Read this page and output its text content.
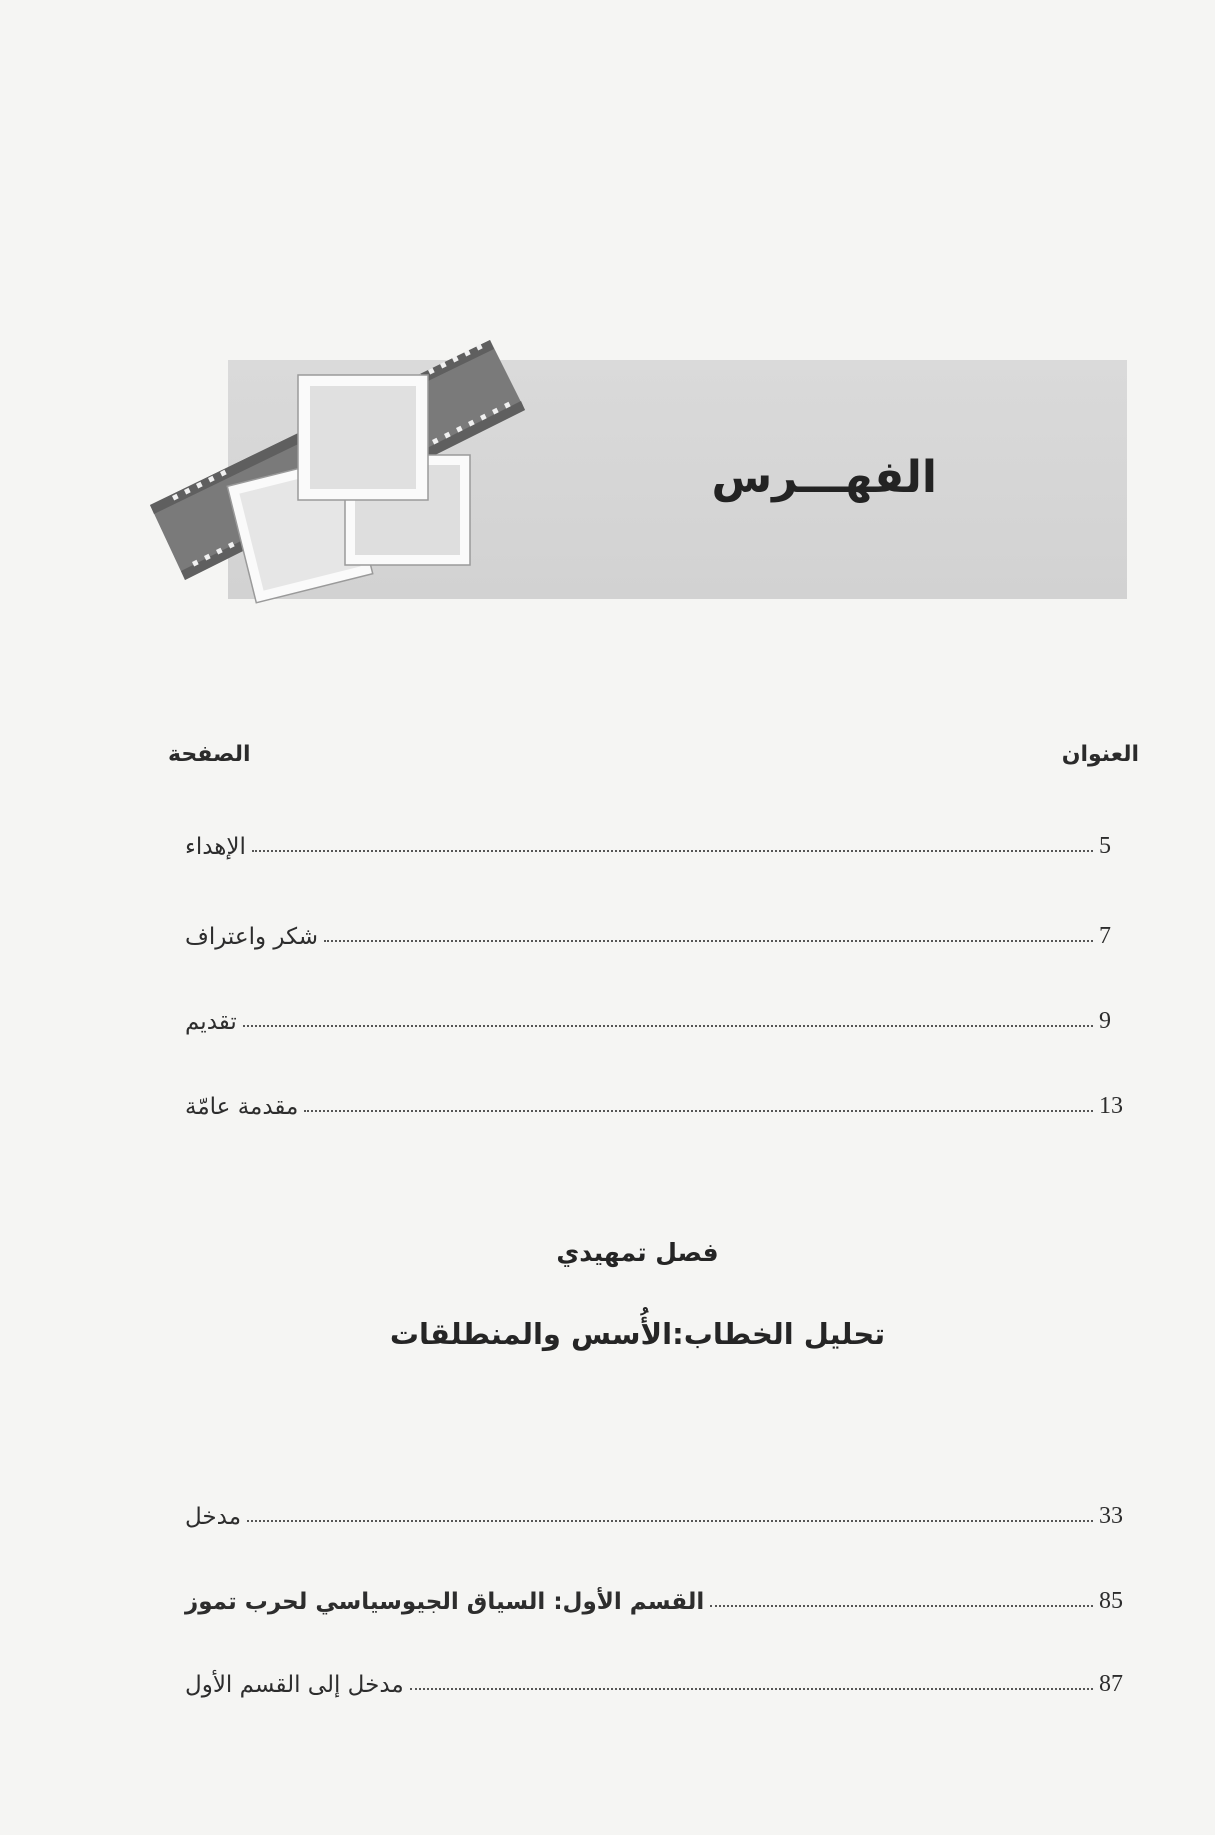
الفهـــرس
العنوان
الصفحة
5
الإهداء
7
شكر واعتراف
9
تقديم
13
مقدمة عامّة
فصل تمهيدي
تحليل الخطاب:الأُسس والمنطلقات
33
مدخل
85
القسم الأول: السياق الجيوسياسي لحرب تموز
87
مدخل إلى القسم الأول
